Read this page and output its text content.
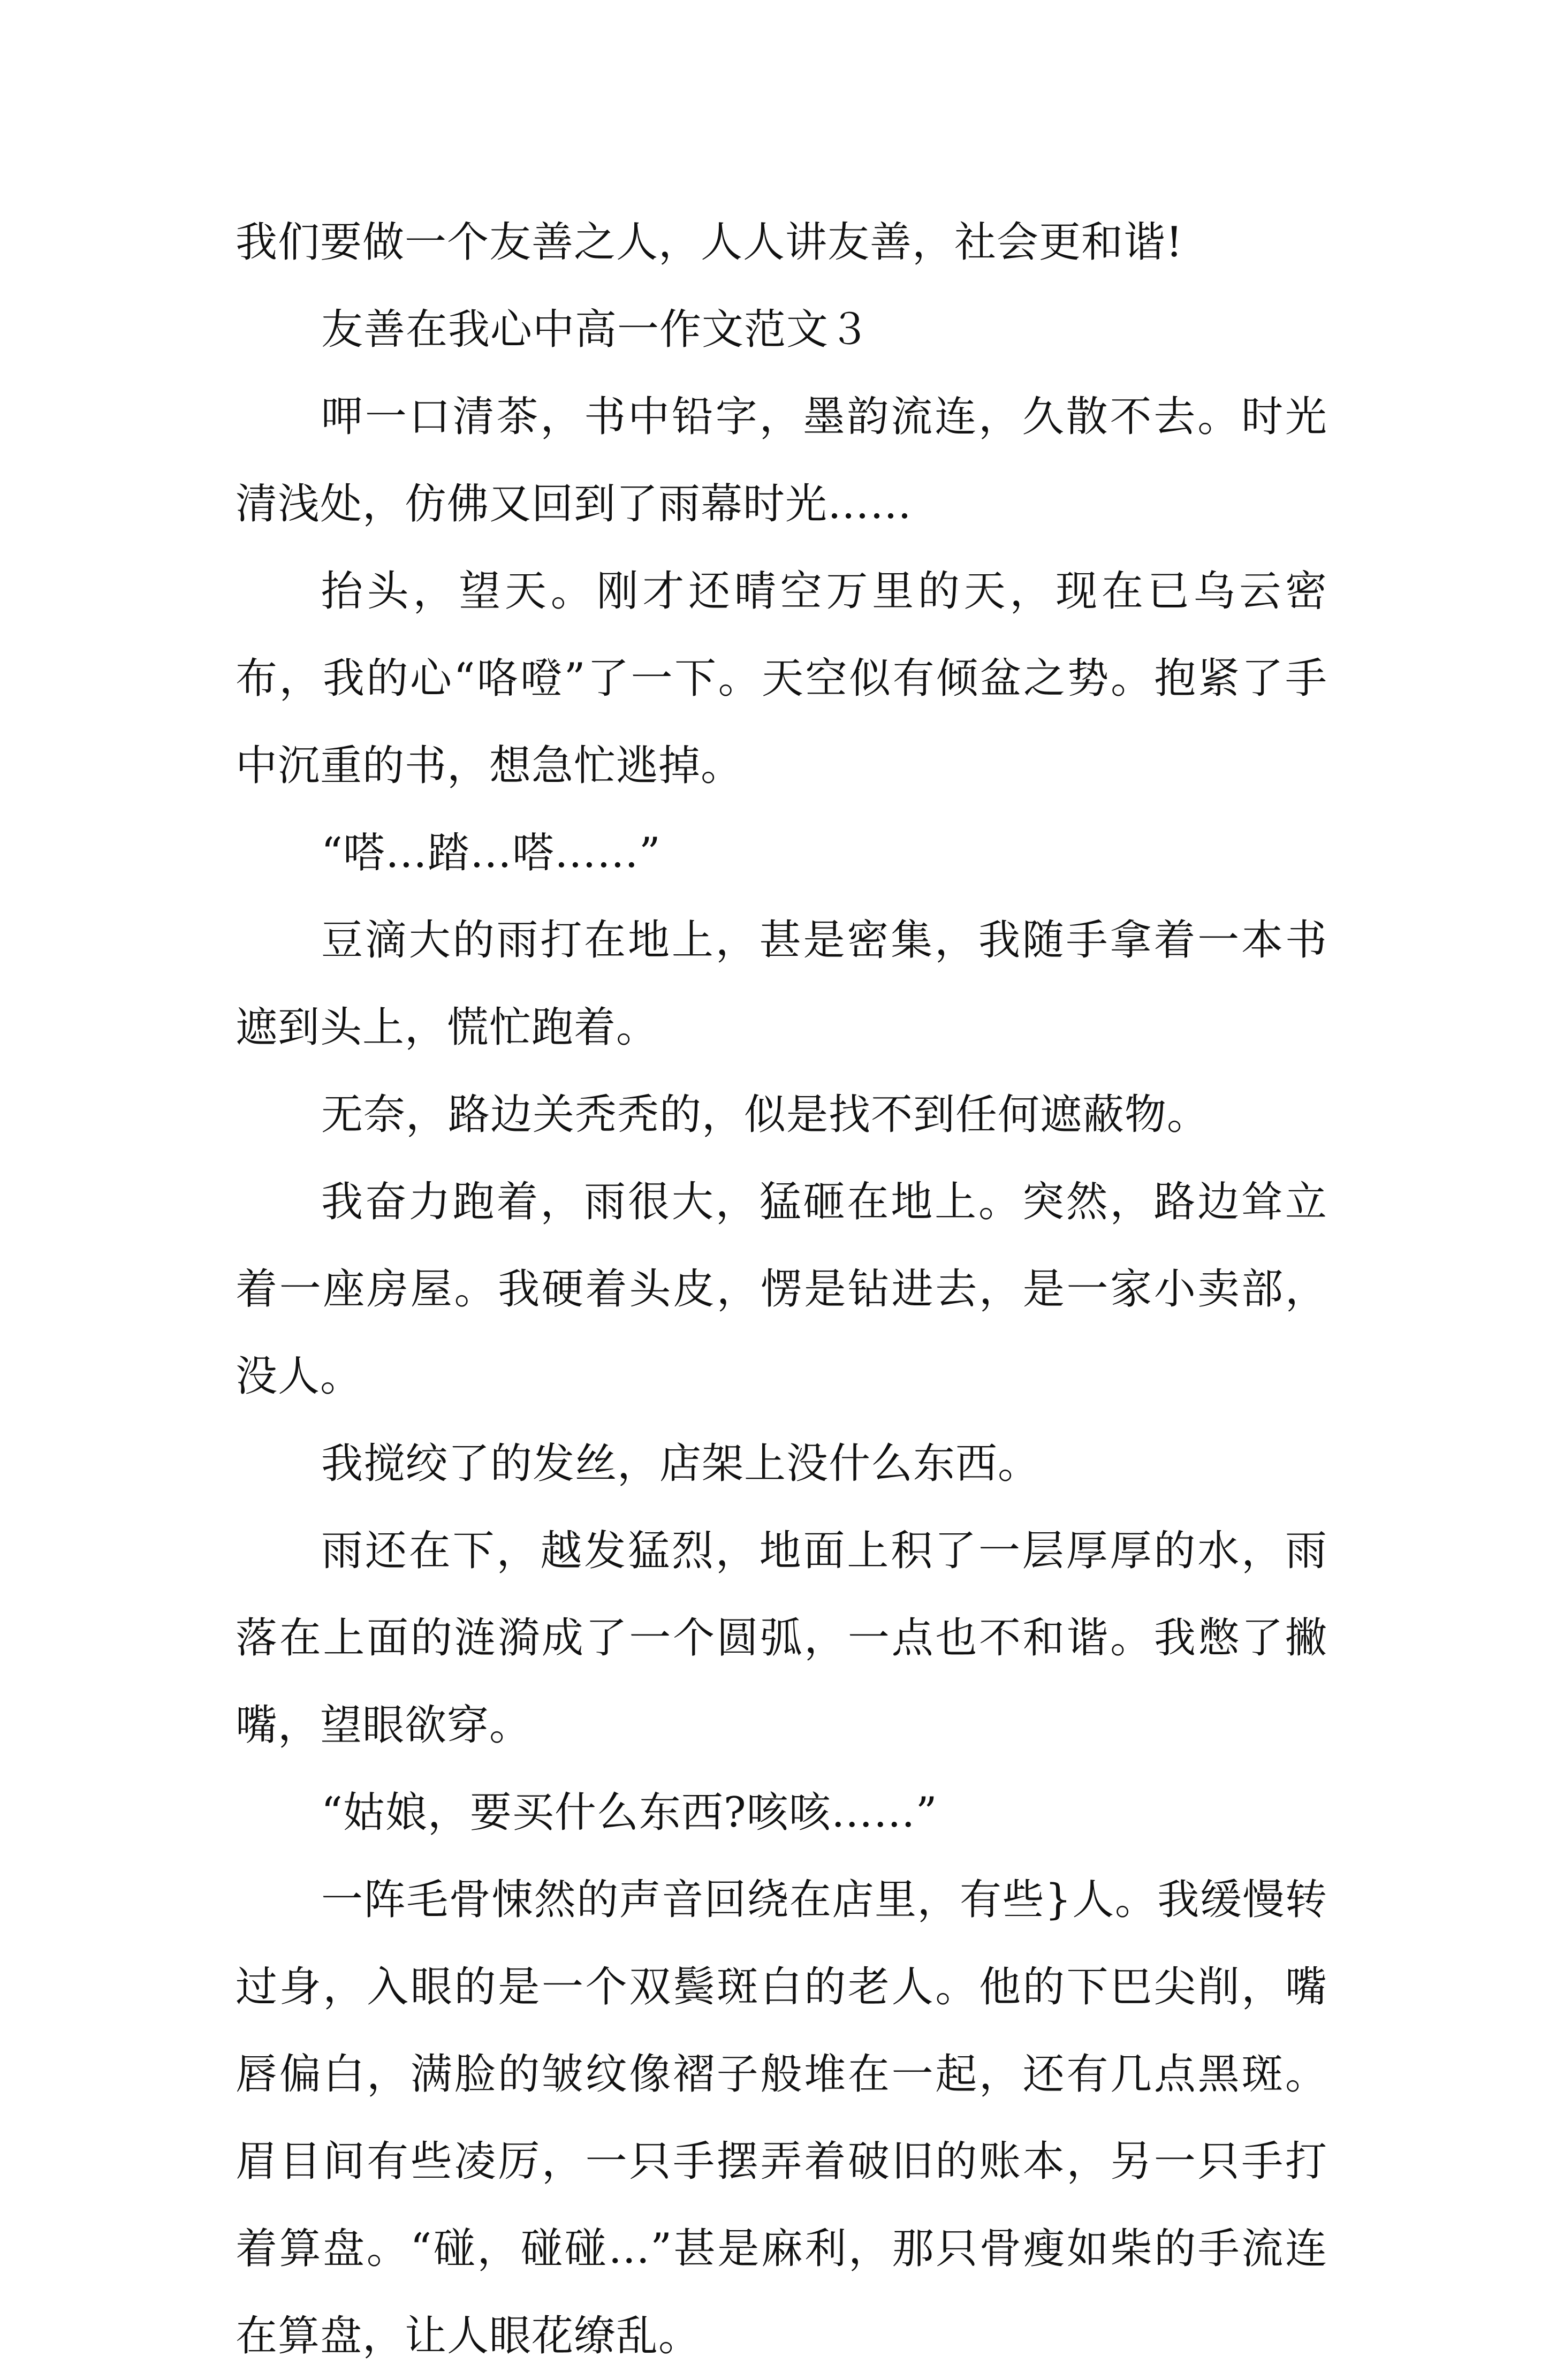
我们要做一个友善之人，人人讲友善，社会更和谐!

友善在我心中高一作文范文３

呷一口清茶，书中铅字，墨韵流连，久散不去。时光清浅处，仿佛又回到了雨幕时光……

抬头，望天。刚才还晴空万里的天，现在已乌云密布，我的心“咯噔”了一下。天空似有倾盆之势。抱紧了手中沉重的书，想急忙逃掉。

“嗒…踏…嗒……”

豆滴大的雨打在地上，甚是密集，我随手拿着一本书遮到头上，慌忙跑着。

无奈，路边关秃秃的，似是找不到任何遮蔽物。

我奋力跑着，雨很大，猛砸在地上。突然，路边耸立着一座房屋。我硬着头皮，愣是钻进去，是一家小卖部，没人。

我搅绞了的发丝，店架上没什么东西。

雨还在下，越发猛烈，地面上积了一层厚厚的水，雨落在上面的涟漪成了一个圆弧，一点也不和谐。我憋了撇嘴，望眼欲穿。

“姑娘，要买什么东西?咳咳……”

一阵毛骨悚然的声音回绕在店里，有些}人。我缓慢转过身，入眼的是一个双鬓斑白的老人。他的下巴尖削，嘴唇偏白，满脸的皱纹像褶子般堆在一起，还有几点黑斑。眉目间有些凌厉，一只手摆弄着破旧的账本，另一只手打着算盘。“碰，碰碰…”甚是麻利，那只骨瘦如柴的手流连在算盘，让人眼花缭乱。
